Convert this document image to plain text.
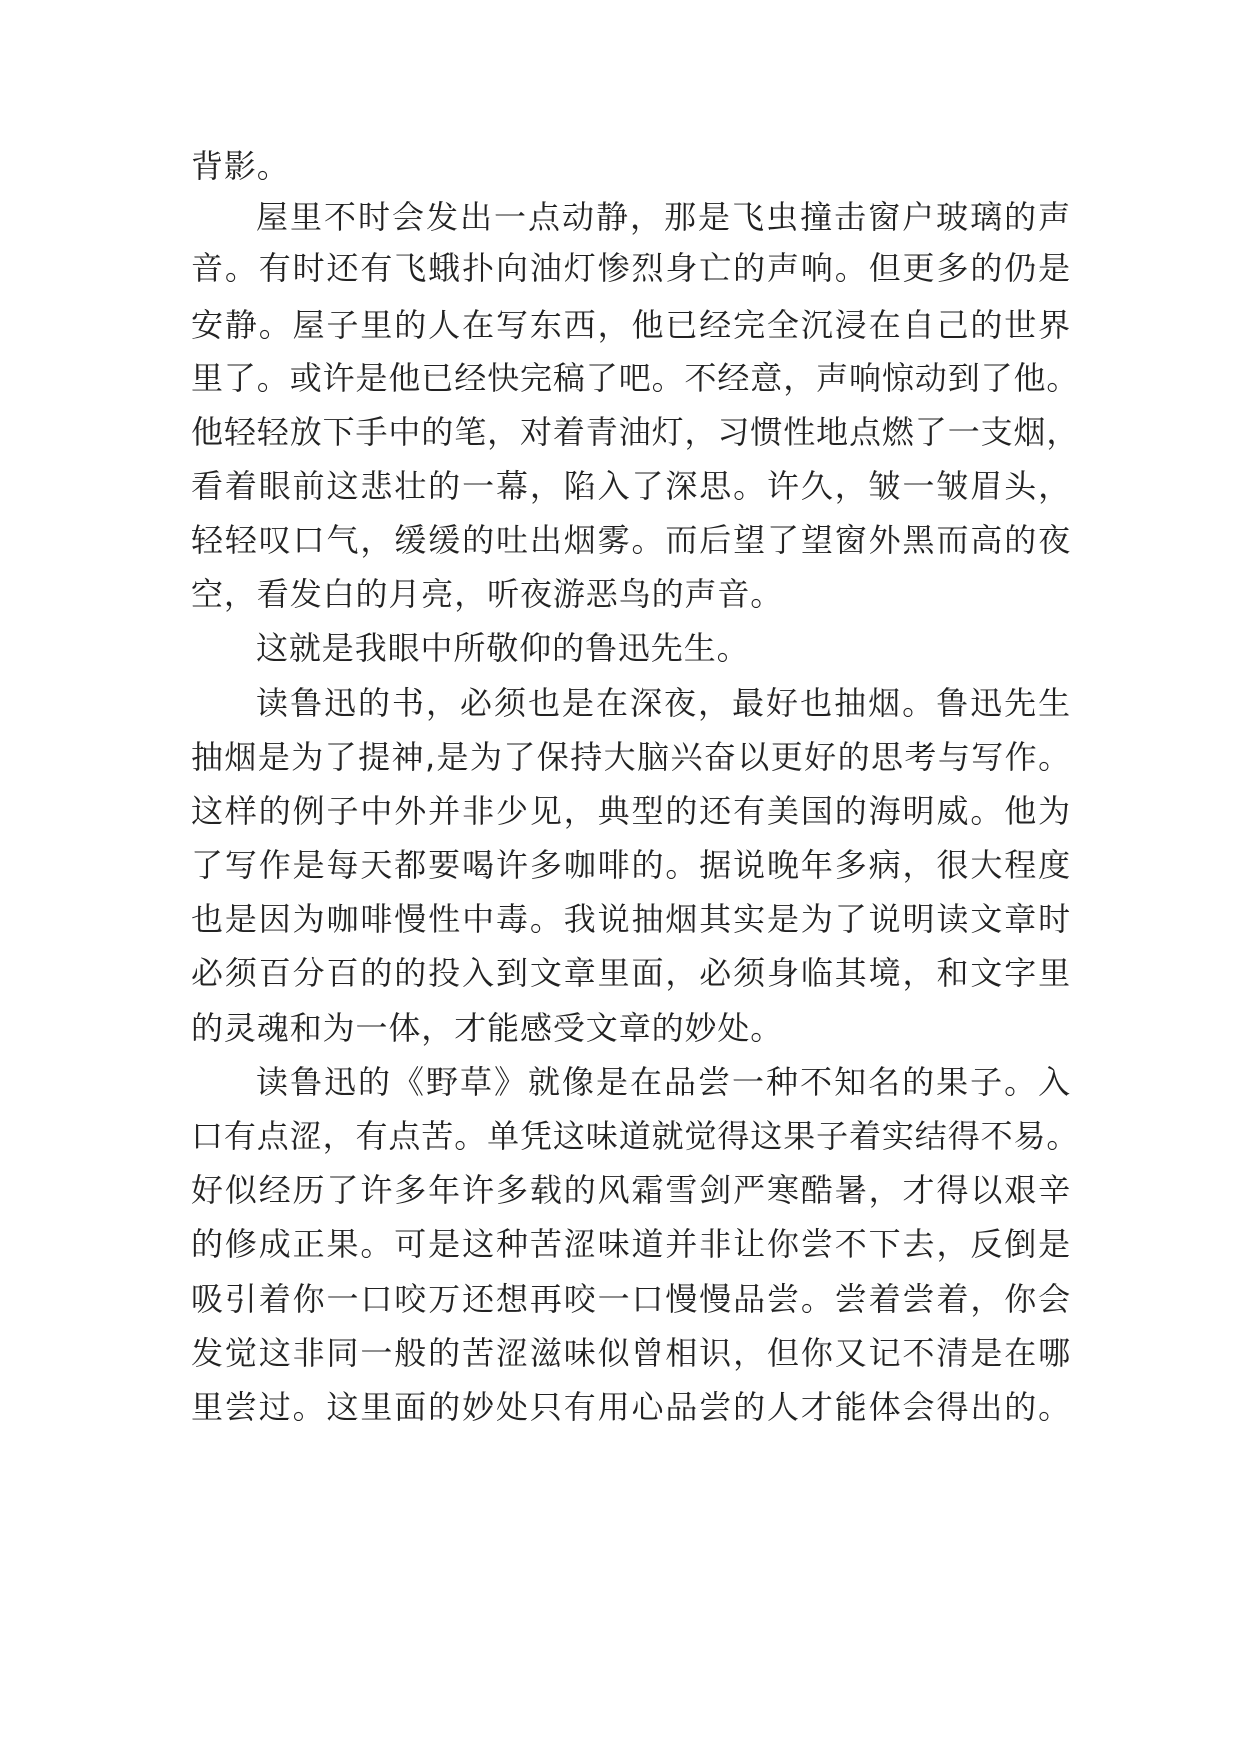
背影。
屋里不时会发出一点动静，那是飞虫撞击窗户玻璃的声
音。有时还有飞蛾扑向油灯惨烈身亡的声响。但更多的仍是
安静。屋子里的人在写东西，他已经完全沉浸在自己的世界
里了。或许是他已经快完稿了吧。不经意，声响惊动到了他。
他轻轻放下手中的笔，对着青油灯，习惯性地点燃了一支烟，
看着眼前这悲壮的一幕，陷入了深思。许久，皱一皱眉头，
轻轻叹口气，缓缓的吐出烟雾。而后望了望窗外黑而高的夜
空，看发白的月亮，听夜游恶鸟的声音。
这就是我眼中所敬仰的鲁迅先生。
读鲁迅的书，必须也是在深夜，最好也抽烟。鲁迅先生
抽烟是为了提神,是为了保持大脑兴奋以更好的思考与写作。
这样的例子中外并非少见，典型的还有美国的海明威。他为
了写作是每天都要喝许多咖啡的。据说晚年多病，很大程度
也是因为咖啡慢性中毒。我说抽烟其实是为了说明读文章时
必须百分百的的投入到文章里面，必须身临其境，和文字里
的灵魂和为一体，才能感受文章的妙处。
读鲁迅的《野草》就像是在品尝一种不知名的果子。入
口有点涩，有点苦。单凭这味道就觉得这果子着实结得不易。
好似经历了许多年许多载的风霜雪剑严寒酷暑，才得以艰辛
的修成正果。可是这种苦涩味道并非让你尝不下去，反倒是
吸引着你一口咬万还想再咬一口慢慢品尝。尝着尝着，你会
发觉这非同一般的苦涩滋味似曾相识，但你又记不清是在哪
里尝过。这里面的妙处只有用心品尝的人才能体会得出的。
